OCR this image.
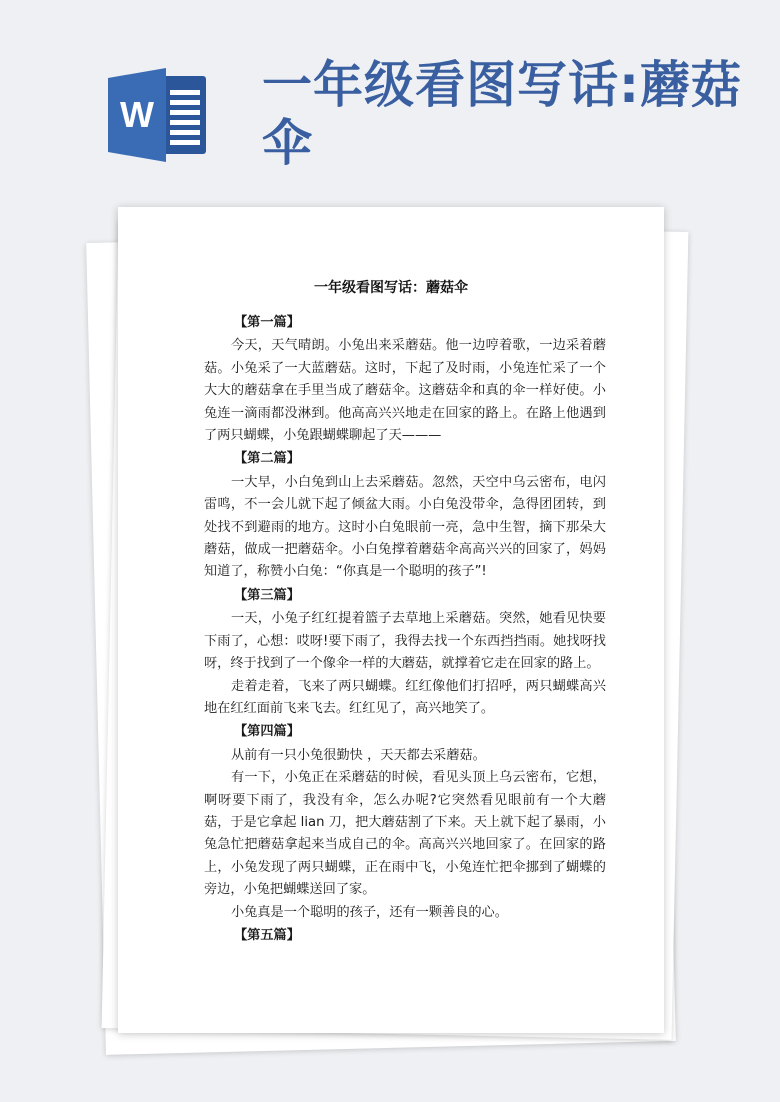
W
一年级看图写话:蘑菇伞
一年级看图写话：蘑菇伞
【第一篇】

今天，天气晴朗。小兔出来采蘑菇。他一边哼着歌，一边采着蘑菇。小兔采了一大蓝蘑菇。这时，下起了及时雨，小兔连忙采了一个大大的蘑菇拿在手里当成了蘑菇伞。这蘑菇伞和真的伞一样好使。小兔连一滴雨都没淋到。他高高兴兴地走在回家的路上。在路上他遇到了两只蝴蝶，小兔跟蝴蝶聊起了天———

【第二篇】

一大早，小白兔到山上去采蘑菇。忽然，天空中乌云密布，电闪雷鸣，不一会儿就下起了倾盆大雨。小白兔没带伞，急得团团转，到处找不到避雨的地方。这时小白兔眼前一亮，急中生智，摘下那朵大蘑菇，做成一把蘑菇伞。小白兔撑着蘑菇伞高高兴兴的回家了，妈妈知道了，称赞小白兔：“你真是一个聪明的孩子”!

【第三篇】

一天，小兔子红红提着篮子去草地上采蘑菇。突然，她看见快要下雨了，心想：哎呀!要下雨了，我得去找一个东西挡挡雨。她找呀找呀，终于找到了一个像伞一样的大蘑菇，就撑着它走在回家的路上。

走着走着，飞来了两只蝴蝶。红红像他们打招呼，两只蝴蝶高兴地在红红面前飞来飞去。红红见了，高兴地笑了。

【第四篇】

从前有一只小兔很勤快 ，天天都去采蘑菇。

有一下，小兔正在采蘑菇的时候，看见头顶上乌云密布，它想，啊呀要下雨了，我没有伞，怎么办呢?它突然看见眼前有一个大蘑菇，于是它拿起 lian 刀，把大蘑菇割了下来。天上就下起了暴雨，小兔急忙把蘑菇拿起来当成自己的伞。高高兴兴地回家了。在回家的路上，小兔发现了两只蝴蝶，正在雨中飞，小兔连忙把伞挪到了蝴蝶的旁边，小兔把蝴蝶送回了家。

小兔真是一个聪明的孩子，还有一颗善良的心。

【第五篇】
